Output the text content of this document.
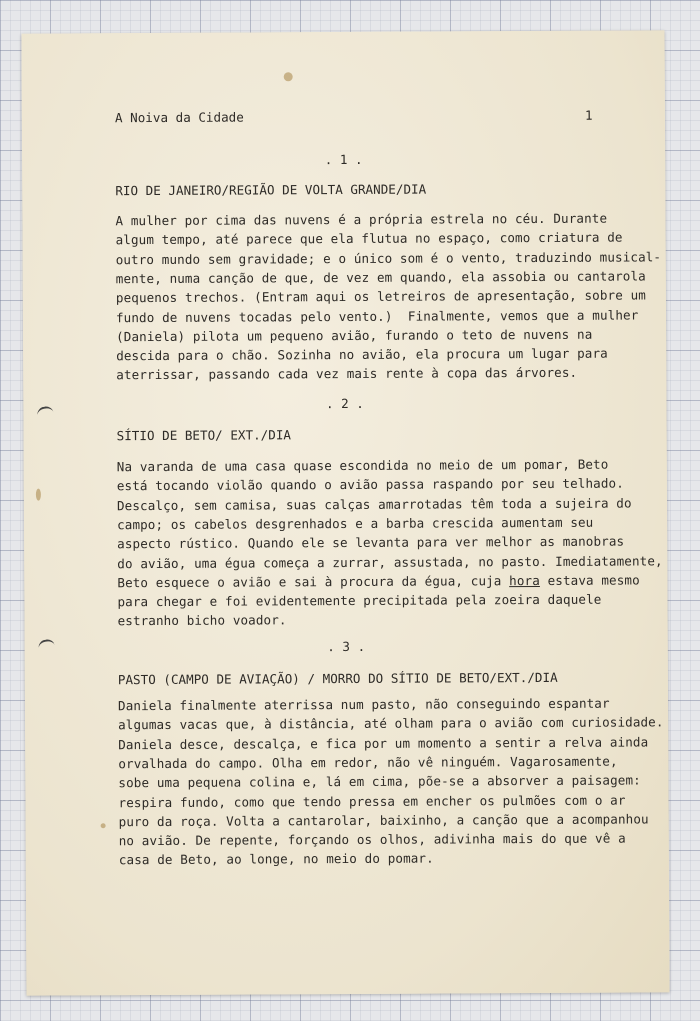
A Noiva da Cidade	1
. 1 .
RIO DE JANEIRO/REGIÃO DE VOLTA GRANDE/DIA
A mulher por cima das nuvens é a própria estrela no céu. Durante
algum tempo, até parece que ela flutua no espaço, como criatura de
outro mundo sem gravidade; e o único som é o vento, traduzindo musical-
mente, numa canção de que, de vez em quando, ela assobia ou cantarola
pequenos trechos. (Entram aqui os letreiros de apresentação, sobre um
fundo de nuvens tocadas pelo vento.)  Finalmente, vemos que a mulher
(Daniela) pilota um pequeno avião, furando o teto de nuvens na
descida para o chão. Sozinha no avião, ela procura um lugar para
aterrissar, passando cada vez mais rente à copa das árvores.
. 2 .
SÍTIO DE BETO/ EXT./DIA
Na varanda de uma casa quase escondida no meio de um pomar, Beto
está tocando violão quando o avião passa raspando por seu telhado.
Descalço, sem camisa, suas calças amarrotadas têm toda a sujeira do
campo; os cabelos desgrenhados e a barba crescida aumentam seu
aspecto rústico. Quando ele se levanta para ver melhor as manobras
do avião, uma égua começa a zurrar, assustada, no pasto. Imediatamente,
Beto esquece o avião e sai à procura da égua, cuja hora estava mesmo
para chegar e foi evidentemente precipitada pela zoeira daquele
estranho bicho voador.
. 3 .
PASTO (CAMPO DE AVIAÇÃO) / MORRO DO SÍTIO DE BETO/EXT./DIA
Daniela finalmente aterrissa num pasto, não conseguindo espantar
algumas vacas que, à distância, até olham para o avião com curiosidade.
Daniela desce, descalça, e fica por um momento a sentir a relva ainda
orvalhada do campo. Olha em redor, não vê ninguém. Vagarosamente,
sobe uma pequena colina e, lá em cima, põe-se a absorver a paisagem:
respira fundo, como que tendo pressa em encher os pulmões com o ar
puro da roça. Volta a cantarolar, baixinho, a canção que a acompanhou
no avião. De repente, forçando os olhos, adivinha mais do que vê a
casa de Beto, ao longe, no meio do pomar.
